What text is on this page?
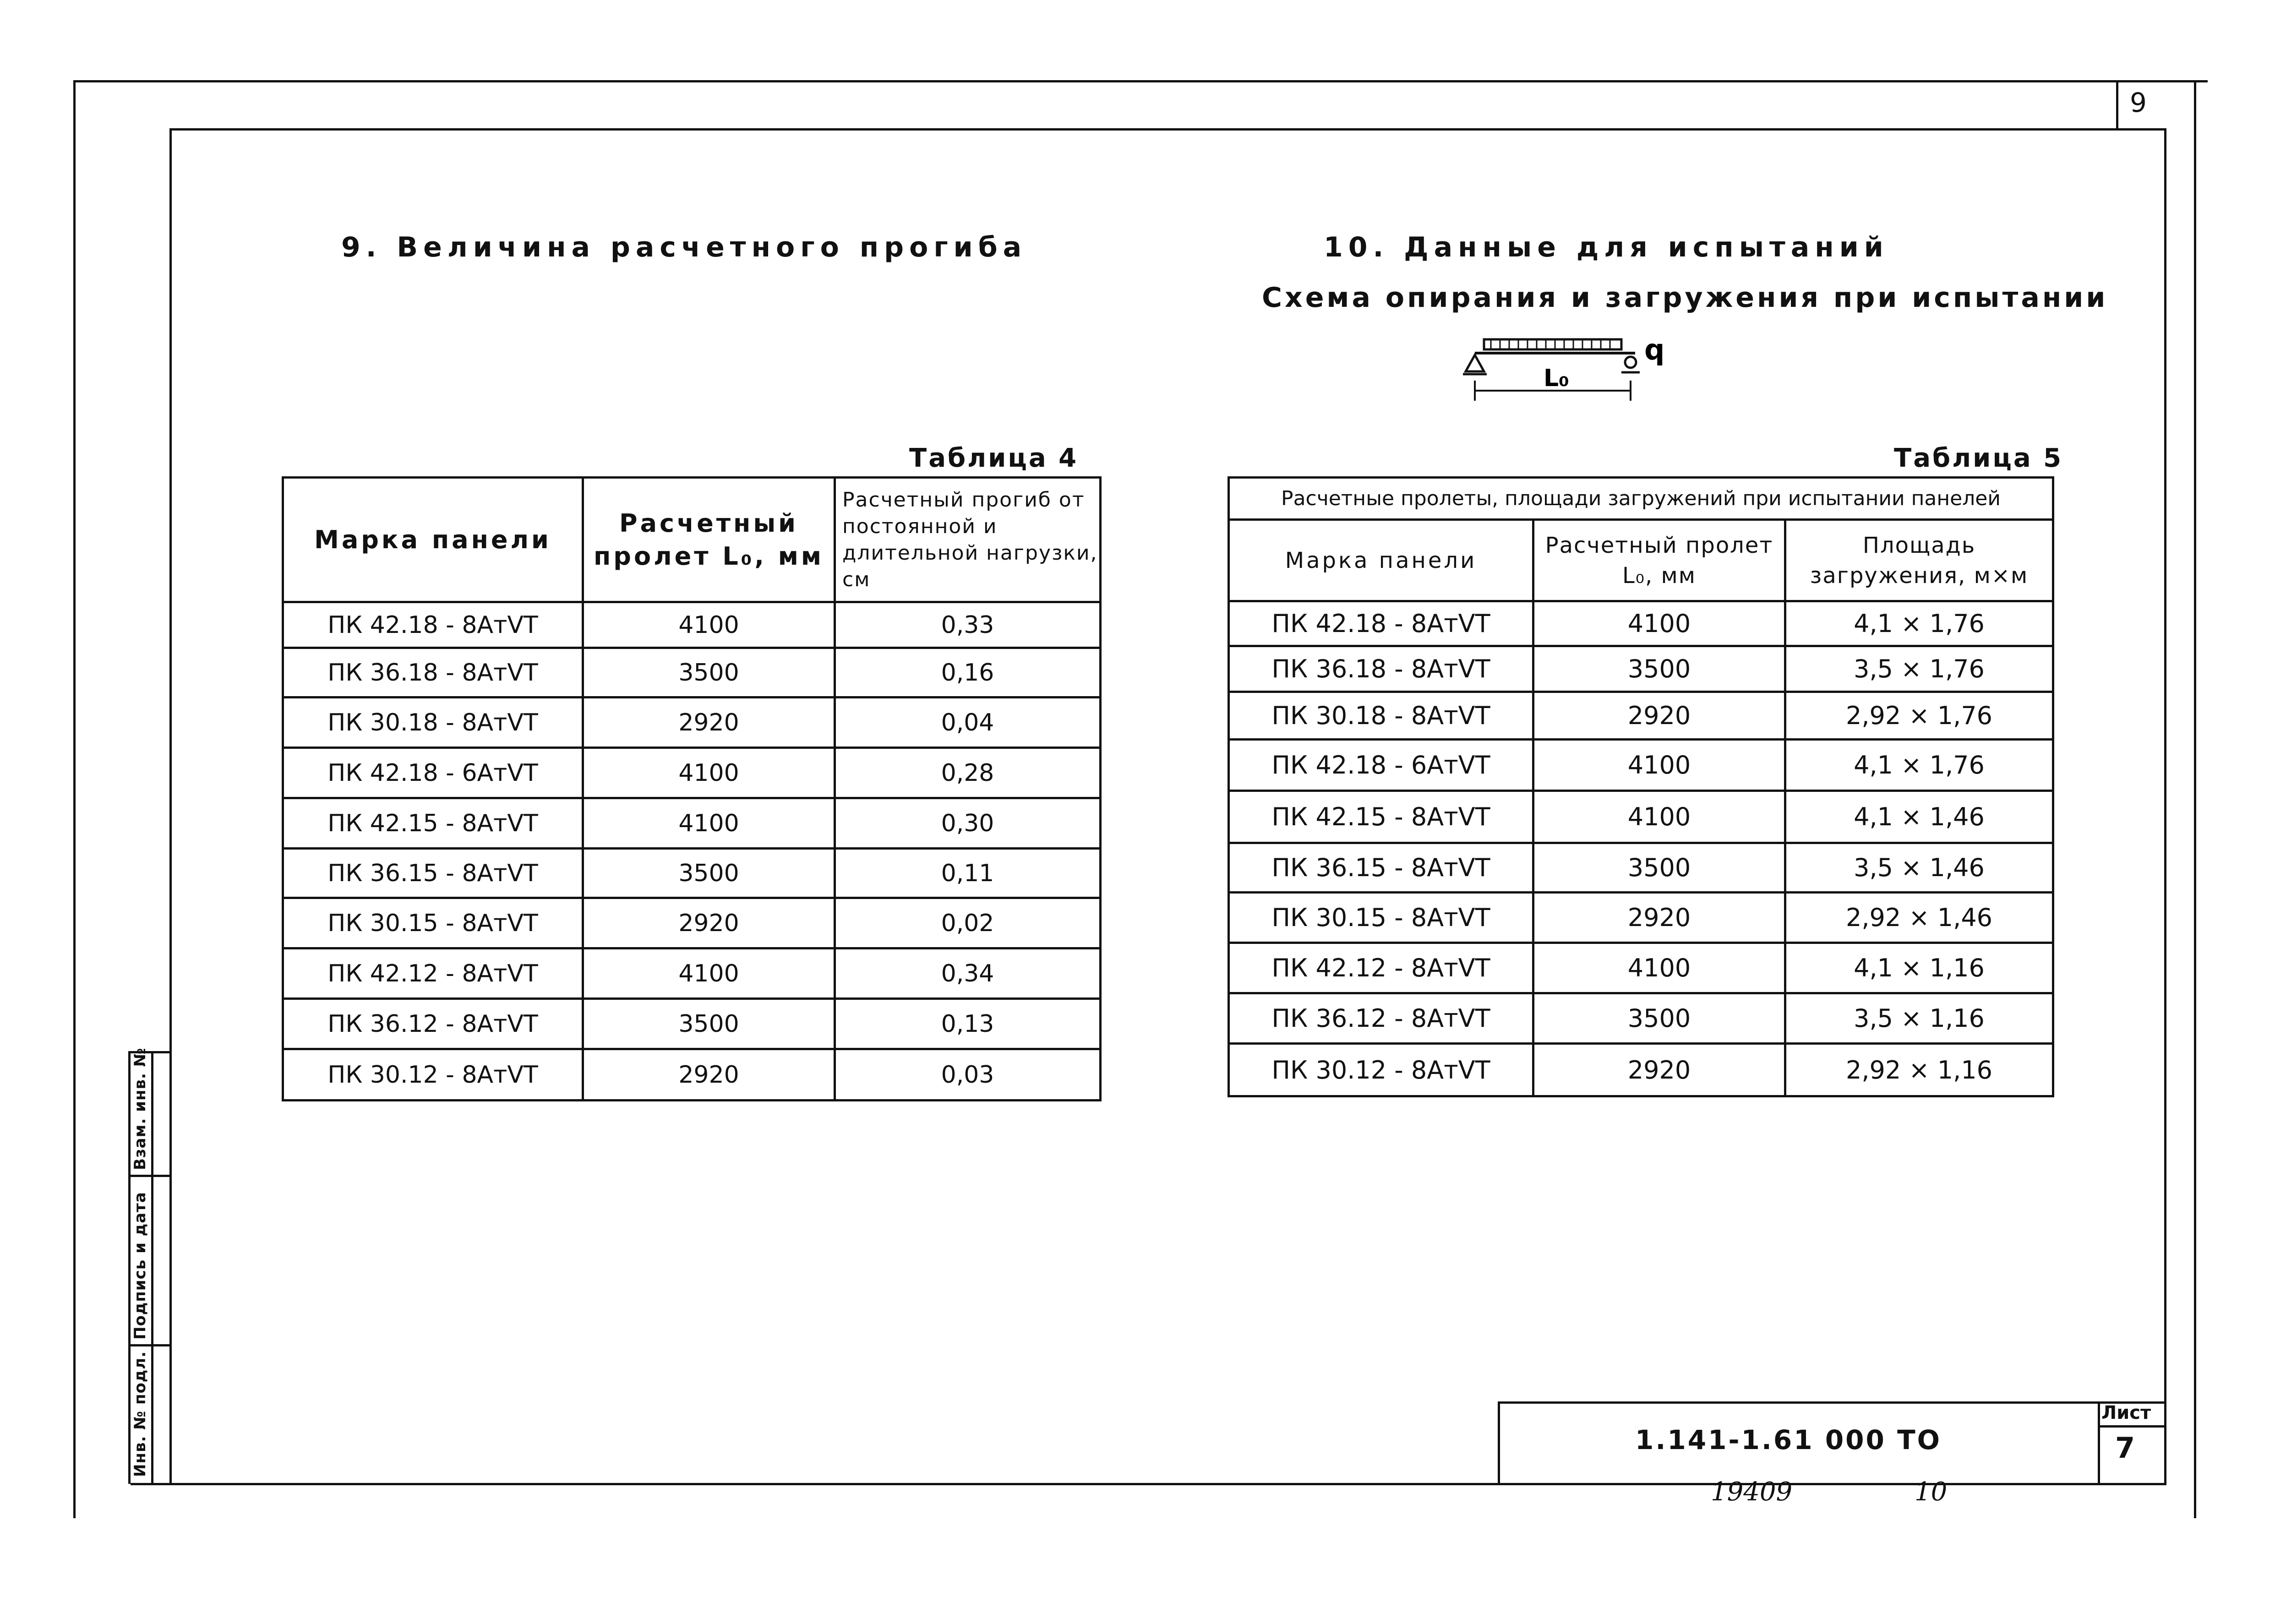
9
9. Величина расчетного прогиба	10. Данные для испытаний
Схема опирания и загружения при испытании
L₀
q
Таблица 4
Марка панели	Расчетный пролет L₀, мм	Расчетный прогиб от постоянной и длительной нагрузки, см
ПК 42.18 - 8АтⅤТ	4100	0,33
ПК 36.18 - 8АтⅤТ	3500	0,16
ПК 30.18 - 8АтⅤТ	2920	0,04
ПК 42.18 - 6АтⅤТ	4100	0,28
ПК 42.15 - 8АтⅤТ	4100	0,30
ПК 36.15 - 8АтⅤТ	3500	0,11
ПК 30.15 - 8АтⅤТ	2920	0,02
ПК 42.12 - 8АтⅤТ	4100	0,34
ПК 36.12 - 8АтⅤТ	3500	0,13
ПК 30.12 - 8АтⅤТ	2920	0,03
Таблица 5
Расчетные пролеты, площади загружений при испытании панелей		
Марка панели	Расчетный пролет L₀, мм	Площадь загружения, м×м
ПК 42.18 - 8АтⅤТ	4100	4,1 × 1,76
ПК 36.18 - 8АтⅤТ	3500	3,5 × 1,76
ПК 30.18 - 8АтⅤТ	2920	2,92 × 1,76
ПК 42.18 - 6АтⅤТ	4100	4,1 × 1,76
ПК 42.15 - 8АтⅤТ	4100	4,1 × 1,46
ПК 36.15 - 8АтⅤТ	3500	3,5 × 1,46
ПК 30.15 - 8АтⅤТ	2920	2,92 × 1,46
ПК 42.12 - 8АтⅤТ	4100	4,1 × 1,16
ПК 36.12 - 8АтⅤТ	3500	3,5 × 1,16
ПК 30.12 - 8АтⅤТ	2920	2,92 × 1,16
Взам. инв. №
Подпись и дата
Инв. № подл.	1.141-1.61 000 ТО
Лист
7
19409	10
